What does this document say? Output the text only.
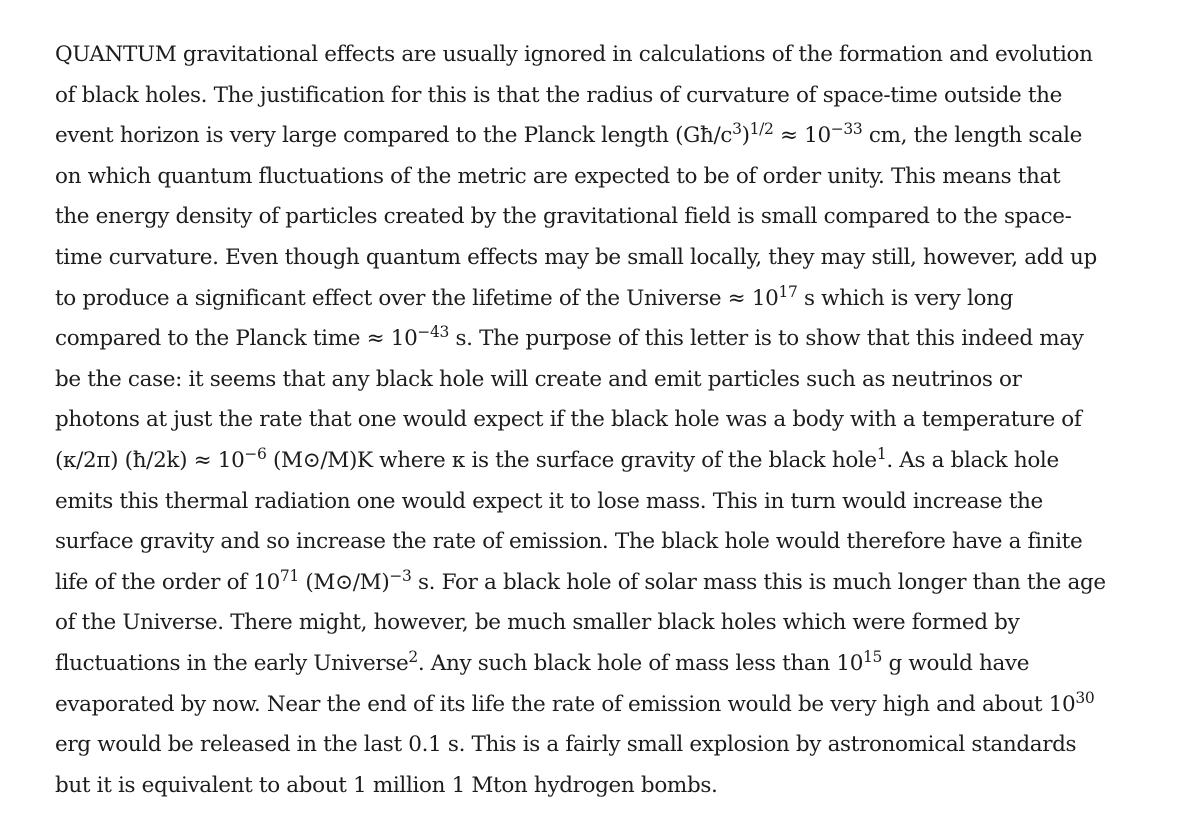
QUANTUM gravitational effects are usually ignored in calculations of the formation and evolution
of black holes. The justification for this is that the radius of curvature of space-time outside the
event horizon is very large compared to the Planck length $(Għ/c^3)^{1/2} \approx 10^{-33}$ cm, the length scale
on which quantum fluctuations of the metric are expected to be of order unity. This means that
the energy density of particles created by the gravitational field is small compared to the space-
time curvature. Even though quantum effects may be small locally, they may still, however, add up
to produce a significant effect over the lifetime of the Universe ≈ $10^{17}$ s which is very long
compared to the Planck time ≈ $10^{-43}$ s. The purpose of this letter is to show that this indeed may
be the case: it seems that any black hole will create and emit particles such as neutrinos or
photons at just the rate that one would expect if the black hole was a body with a temperature of
(κ/2π) (ħ/2k) ≈ $10^{-6}$ (M⊙/M)K where κ is the surface gravity of the black hole$^1$. As a black hole
emits this thermal radiation one would expect it to lose mass. This in turn would increase the
surface gravity and so increase the rate of emission. The black hole would therefore have a finite
life of the order of $10^{71}$ (M⊙/M)$^{-3}$ s. For a black hole of solar mass this is much longer than the age
of the Universe. There might, however, be much smaller black holes which were formed by
fluctuations in the early Universe$^2$. Any such black hole of mass less than $10^{15}$ g would have
evaporated by now. Near the end of its life the rate of emission would be very high and about $10^{30}$
erg would be released in the last 0.1 s. This is a fairly small explosion by astronomical standards
but it is equivalent to about 1 million 1 Mton hydrogen bombs.
